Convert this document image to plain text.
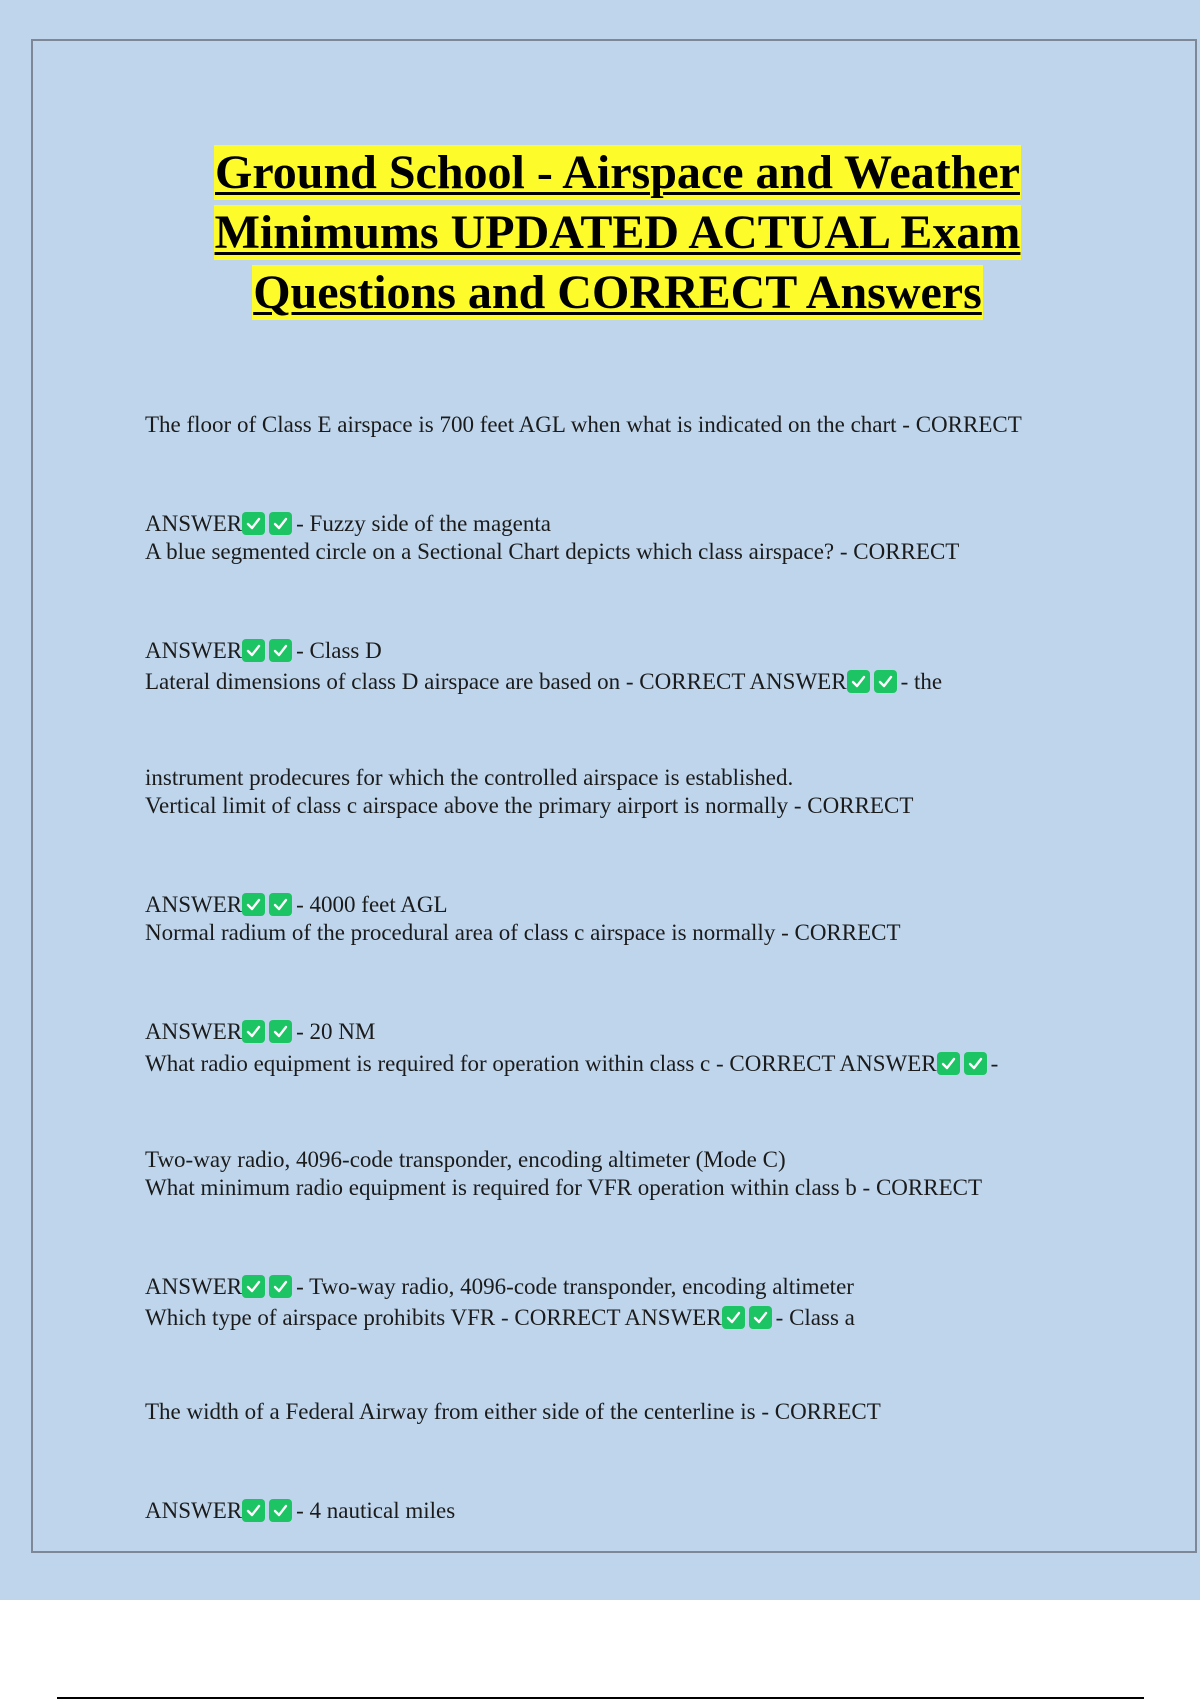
Ground School - Airspace and Weather
Minimums UPDATED ACTUAL Exam
Questions and CORRECT Answers

The floor of Class E airspace is 700 feet AGL when what is indicated on the chart - CORRECT

ANSWER - Fuzzy side of the magenta

A blue segmented circle on a Sectional Chart depicts which class airspace? - CORRECT

ANSWER - Class D

Lateral dimensions of class D airspace are based on - CORRECT ANSWER - the

instrument prodecures for which the controlled airspace is established.

Vertical limit of class c airspace above the primary airport is normally - CORRECT

ANSWER - 4000 feet AGL

Normal radium of the procedural area of class c airspace is normally - CORRECT

ANSWER - 20 NM

What radio equipment is required for operation within class c - CORRECT ANSWER -

Two-way radio, 4096-code transponder, encoding altimeter (Mode C)

What minimum radio equipment is required for VFR operation within class b - CORRECT

ANSWER - Two-way radio, 4096-code transponder, encoding altimeter

Which type of airspace prohibits VFR - CORRECT ANSWER - Class a

The width of a Federal Airway from either side of the centerline is - CORRECT

ANSWER - 4 nautical miles
